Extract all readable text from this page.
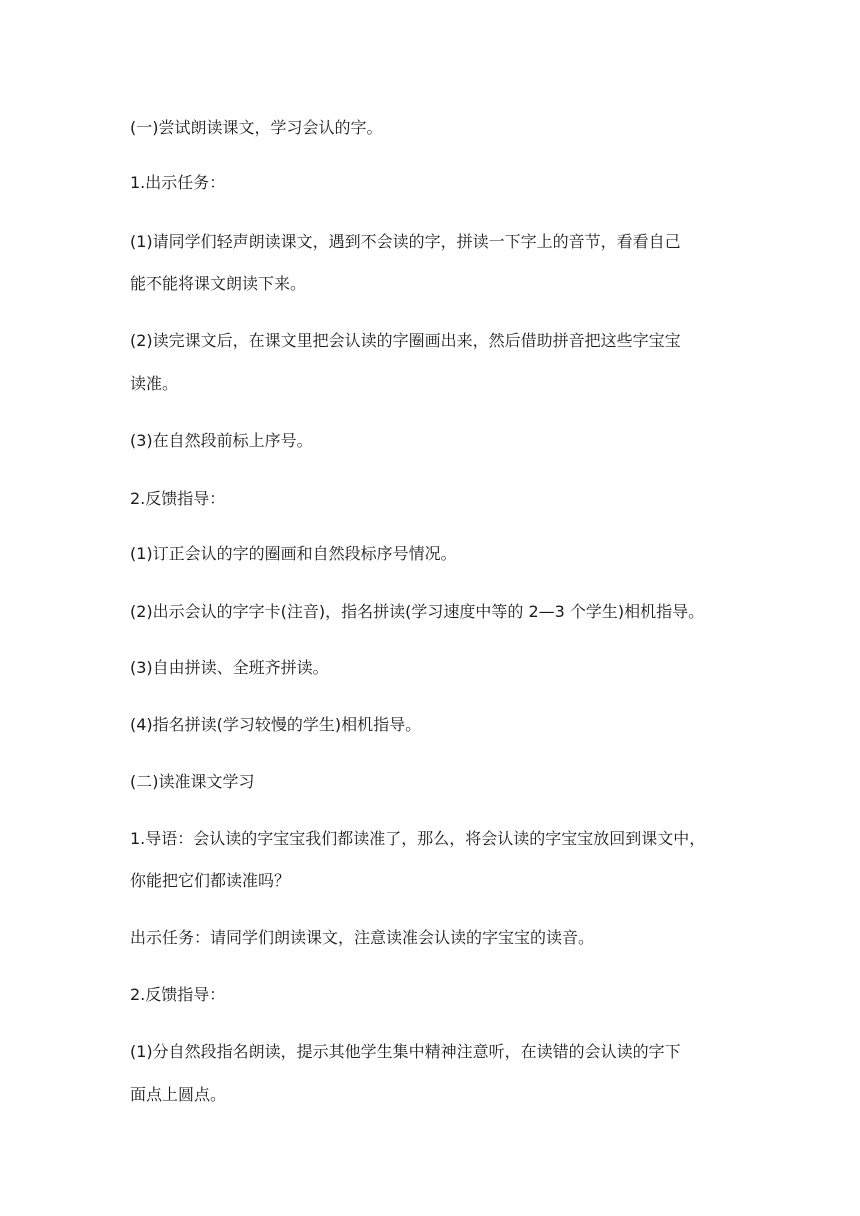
(一)尝试朗读课文，学习会认的字。

1.出示任务：

(1)请同学们轻声朗读课文，遇到不会读的字，拼读一下字上的音节，看看自己

能不能将课文朗读下来。

(2)读完课文后，在课文里把会认读的字圈画出来，然后借助拼音把这些字宝宝

读准。

(3)在自然段前标上序号。

2.反馈指导：

(1)订正会认的字的圈画和自然段标序号情况。

(2)出示会认的字字卡(注音)，指名拼读(学习速度中等的 2—3 个学生)相机指导。

(3)自由拼读、全班齐拼读。

(4)指名拼读(学习较慢的学生)相机指导。

(二)读准课文学习

1.导语：会认读的字宝宝我们都读准了，那么，将会认读的字宝宝放回到课文中，

你能把它们都读准吗？

出示任务：请同学们朗读课文，注意读准会认读的字宝宝的读音。

2.反馈指导：

(1)分自然段指名朗读，提示其他学生集中精神注意听，在读错的会认读的字下

面点上圆点。
